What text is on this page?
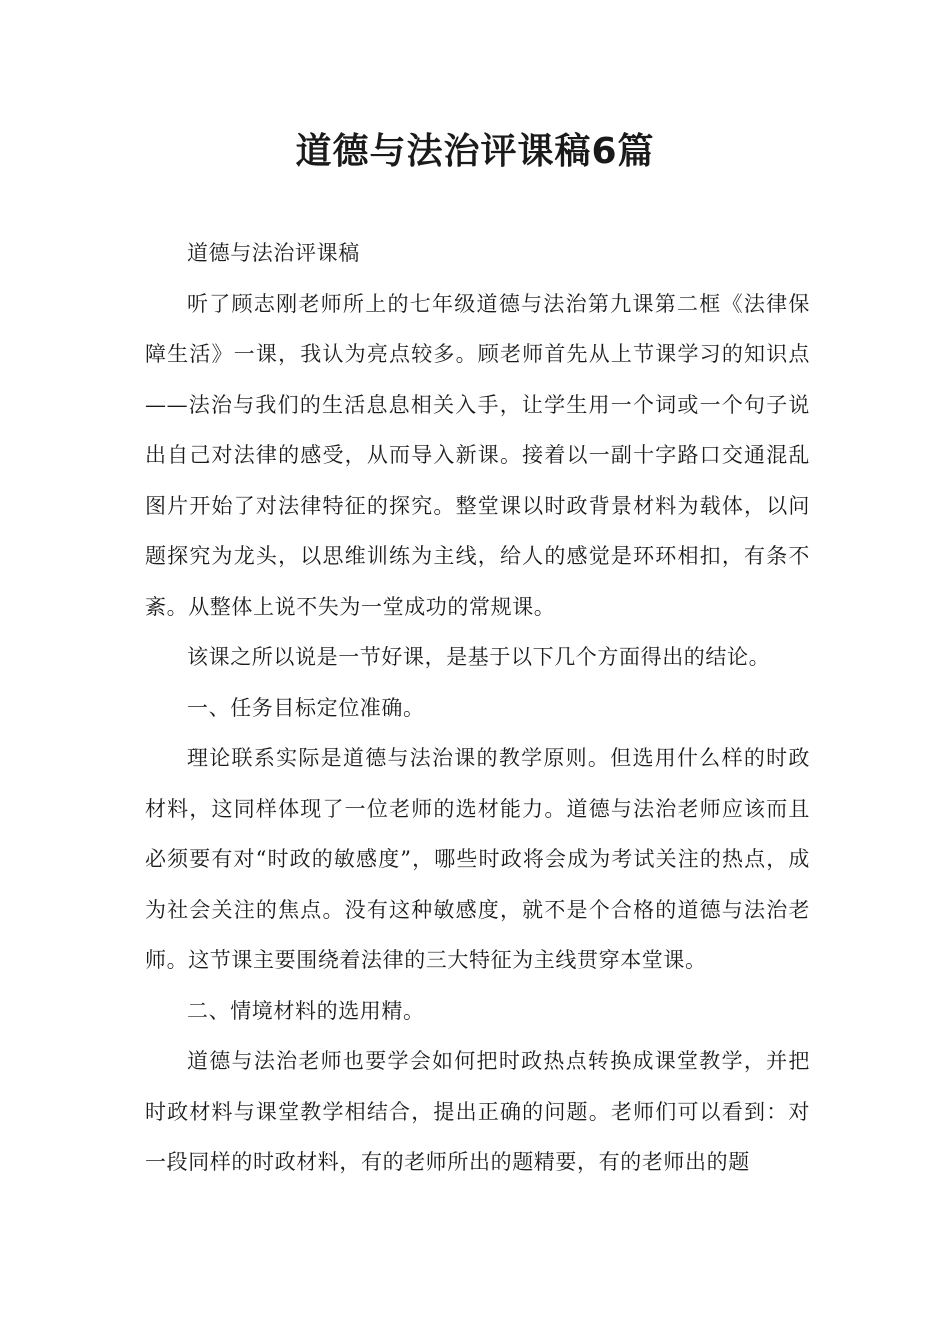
道德与法治评课稿6篇

道德与法治评课稿

听了顾志刚老师所上的七年级道德与法治第九课第二框《法律保障生活》一课，我认为亮点较多。顾老师首先从上节课学习的知识点——法治与我们的生活息息相关入手，让学生用一个词或一个句子说出自己对法律的感受，从而导入新课。接着以一副十字路口交通混乱图片开始了对法律特征的探究。整堂课以时政背景材料为载体，以问题探究为龙头，以思维训练为主线，给人的感觉是环环相扣，有条不紊。从整体上说不失为一堂成功的常规课。

该课之所以说是一节好课，是基于以下几个方面得出的结论。

一、任务目标定位准确。

理论联系实际是道德与法治课的教学原则。但选用什么样的时政材料，这同样体现了一位老师的选材能力。道德与法治老师应该而且必须要有对“时政的敏感度”，哪些时政将会成为考试关注的热点，成为社会关注的焦点。没有这种敏感度，就不是个合格的道德与法治老师。这节课主要围绕着法律的三大特征为主线贯穿本堂课。

二、情境材料的选用精。

道德与法治老师也要学会如何把时政热点转换成课堂教学，并把时政材料与课堂教学相结合，提出正确的问题。老师们可以看到：对一段同样的时政材料，有的老师所出的题精要，有的老师出的题
